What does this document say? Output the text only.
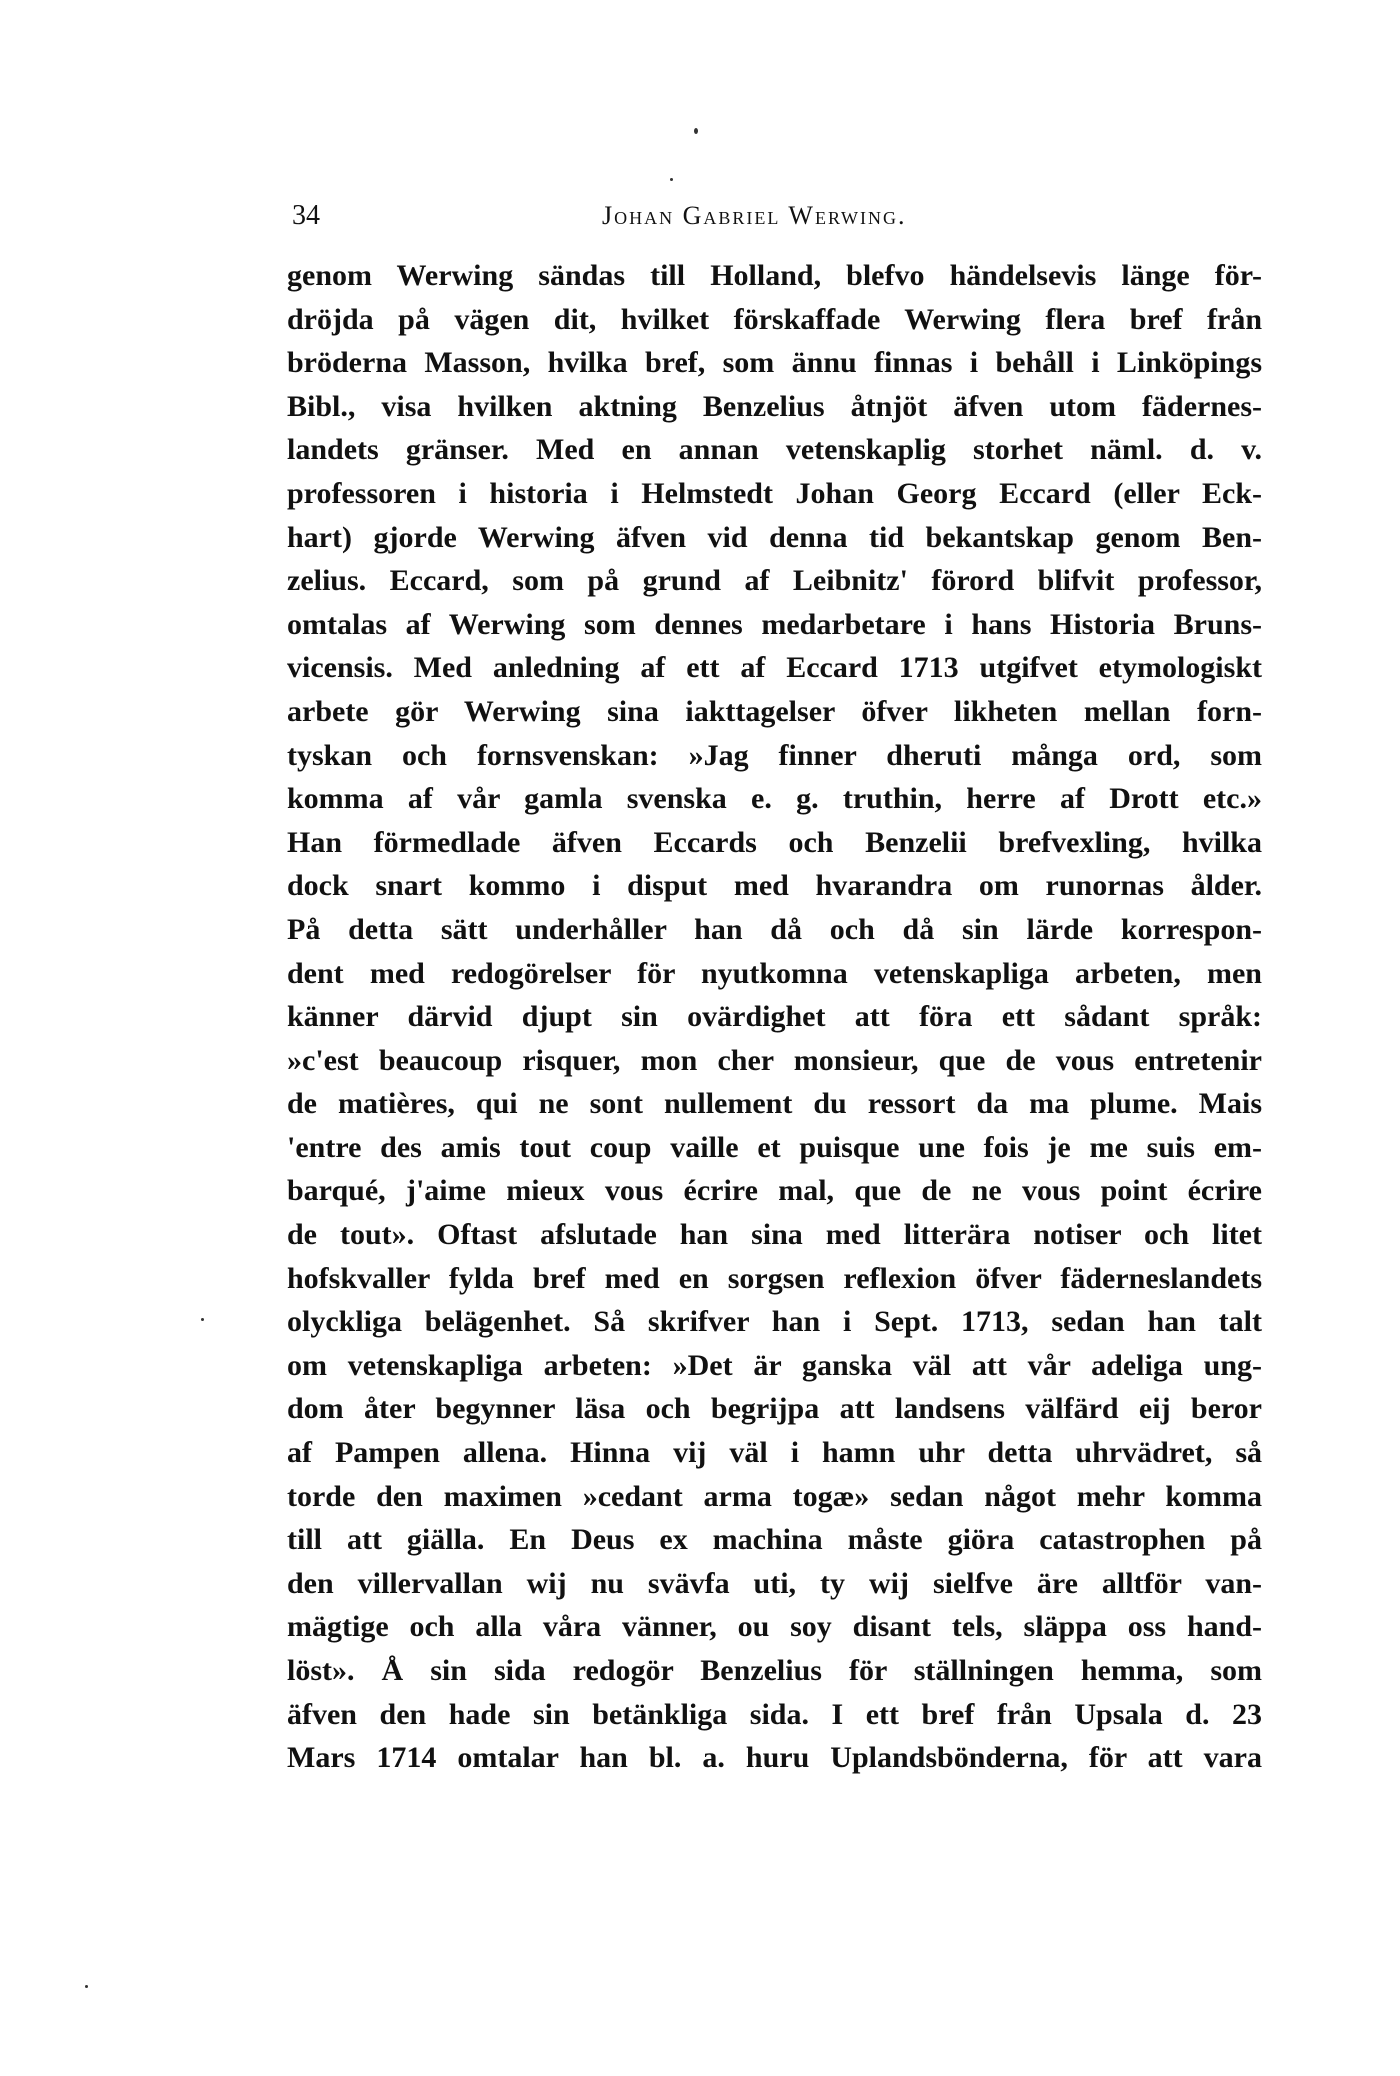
34	Johan Gabriel Werwing.
genom Werwing sändas till Holland, blefvo händelsevis länge för-
dröjda på vägen dit, hvilket förskaffade Werwing flera bref från
bröderna Masson, hvilka bref, som ännu finnas i behåll i Linköpings
Bibl., visa hvilken aktning Benzelius åtnjöt äfven utom fädernes-
landets gränser. Med en annan vetenskaplig storhet näml. d. v.
professoren i historia i Helmstedt Johan Georg Eccard (eller Eck-
hart) gjorde Werwing äfven vid denna tid bekantskap genom Ben-
zelius. Eccard, som på grund af Leibnitz' förord blifvit professor,
omtalas af Werwing som dennes medarbetare i hans Historia Bruns-
vicensis. Med anledning af ett af Eccard 1713 utgifvet etymologiskt
arbete gör Werwing sina iakttagelser öfver likheten mellan forn-
tyskan och fornsvenskan: »Jag finner dheruti många ord, som
komma af vår gamla svenska e. g. truthin, herre af Drott etc.»
Han förmedlade äfven Eccards och Benzelii brefvexling, hvilka
dock snart kommo i disput med hvarandra om runornas ålder.
På detta sätt underhåller han då och då sin lärde korrespon-
dent med redogörelser för nyutkomna vetenskapliga arbeten, men
känner därvid djupt sin ovärdighet att föra ett sådant språk:
»c'est beaucoup risquer, mon cher monsieur, que de vous entretenir
de matières, qui ne sont nullement du ressort da ma plume. Mais
'entre des amis tout coup vaille et puisque une fois je me suis em-
barqué, j'aime mieux vous écrire mal, que de ne vous point écrire
de tout». Oftast afslutade han sina med litterära notiser och litet
hofskvaller fylda bref med en sorgsen reflexion öfver fäderneslandets
olyckliga belägenhet. Så skrifver han i Sept. 1713, sedan han talt
om vetenskapliga arbeten: »Det är ganska väl att vår adeliga ung-
dom åter begynner läsa och begrijpa att landsens välfärd eij beror
af Pampen allena. Hinna vij väl i hamn uhr detta uhrvädret, så
torde den maximen »cedant arma togæ» sedan något mehr komma
till att giälla. En Deus ex machina måste giöra catastrophen på
den villervallan wij nu svävfa uti, ty wij sielfve äre alltför van-
mägtige och alla våra vänner, ou soy disant tels, släppa oss hand-
löst». Å sin sida redogör Benzelius för ställningen hemma, som
äfven den hade sin betänkliga sida. I ett bref från Upsala d. 23
Mars 1714 omtalar han bl. a. huru Uplandsbönderna, för att vara
